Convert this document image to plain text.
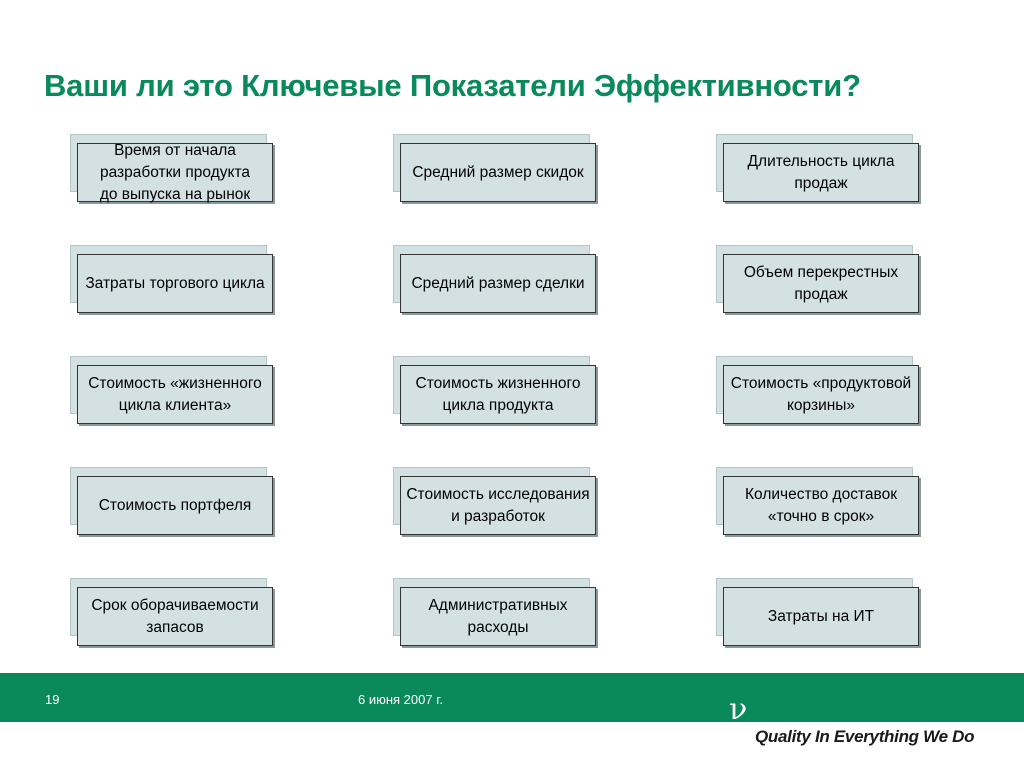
Ваши ли это Ключевые Показатели Эффективности?
Время от начала
разработки продукта
до выпуска на рынок
Средний размер скидок
Длительность цикла
продаж
Затраты торгового цикла	Средний размер сделки
Объем перекрестных
продаж
Стоимость «жизненного
цикла клиента»
Стоимость жизненного
цикла продукта
Стоимость «продуктовой
корзины»
Стоимость портфеля
Стоимость исследования
и разработок
Количество доставок
«точно в срок»
Срок оборачиваемости
запасов
Административных
расходы
Затраты на ИТ
19	6 июня 2007 г.	ν
Quality In Everything We Do
